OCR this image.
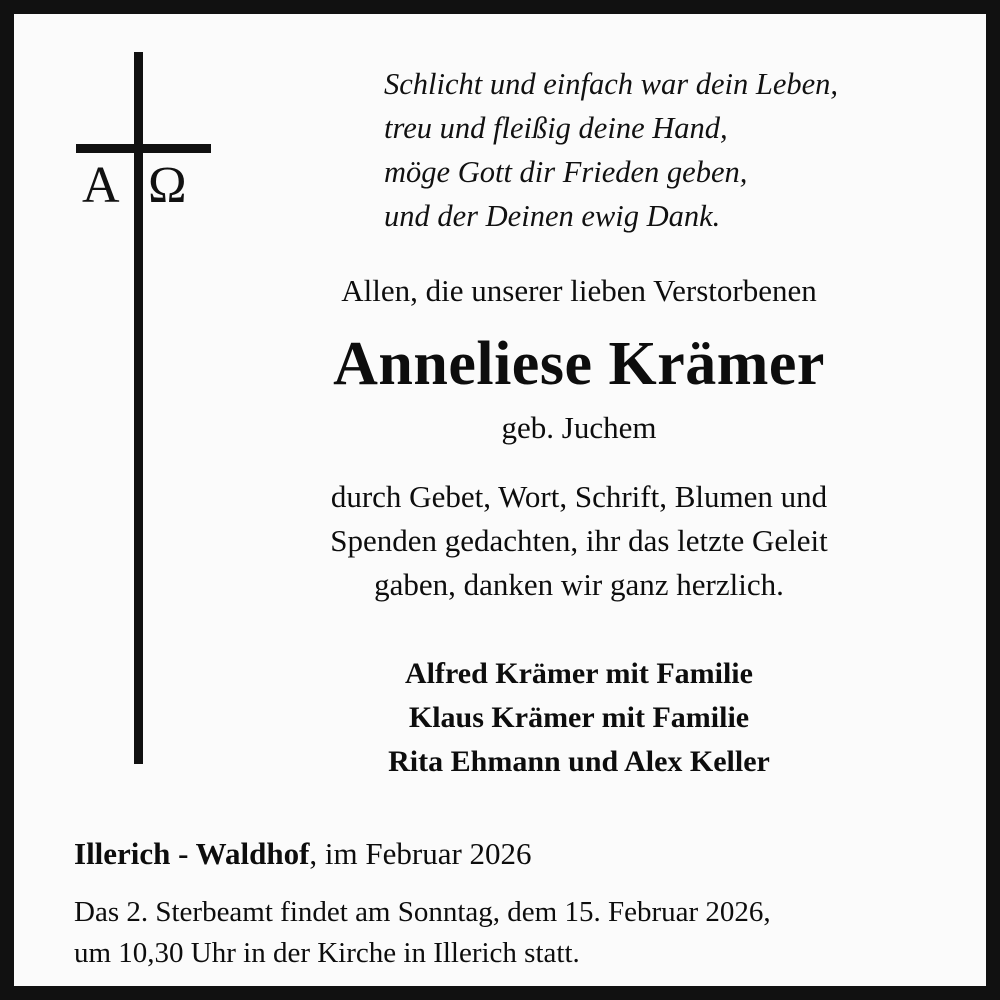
A Ω
Schlicht und einfach war dein Leben,
treu und fleißig deine Hand,
möge Gott dir Frieden geben,
und der Deinen ewig Dank.
Allen, die unserer lieben Verstorbenen
Anneliese Krämer
geb. Juchem
durch Gebet, Wort, Schrift, Blumen und
Spenden gedachten, ihr das letzte Geleit
gaben, danken wir ganz herzlich.
Alfred Krämer mit Familie
Klaus Krämer mit Familie
Rita Ehmann und Alex Keller
Illerich - Waldhof, im Februar 2026
Das 2. Sterbeamt findet am Sonntag, dem 15. Februar 2026,
um 10,30 Uhr in der Kirche in Illerich statt.
